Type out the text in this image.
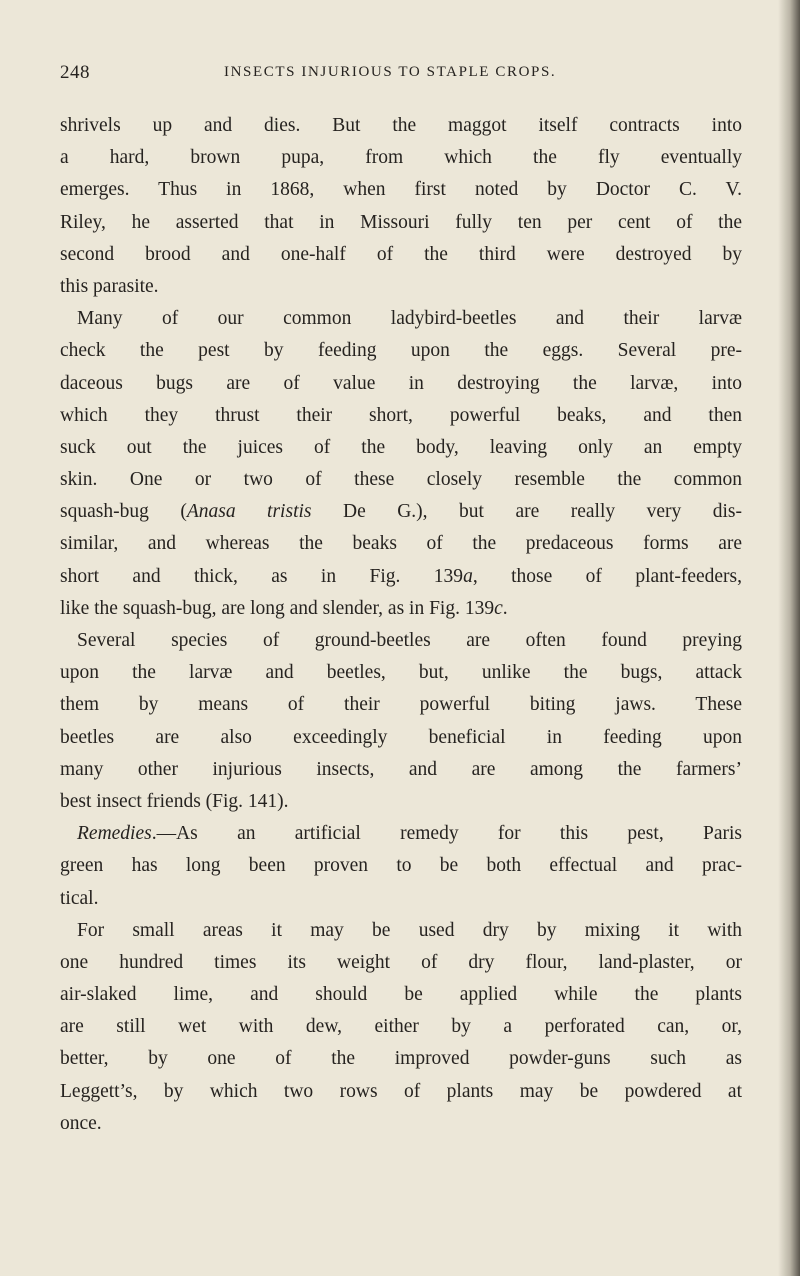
248	INSECTS INJURIOUS TO STAPLE CROPS.
shrivels up and dies. But the maggot itself contracts into
a hard, brown pupa, from which the fly eventually
emerges. Thus in 1868, when first noted by Doctor C. V.
Riley, he asserted that in Missouri fully ten per cent of the
second brood and one-half of the third were destroyed by
this parasite.
Many of our common ladybird-beetles and their larvæ
check the pest by feeding upon the eggs. Several pre-
daceous bugs are of value in destroying the larvæ, into
which they thrust their short, powerful beaks, and then
suck out the juices of the body, leaving only an empty
skin. One or two of these closely resemble the common
squash-bug (Anasa tristis De G.), but are really very dis-
similar, and whereas the beaks of the predaceous forms are
short and thick, as in Fig. 139a, those of plant-feeders,
like the squash-bug, are long and slender, as in Fig. 139c.
Several species of ground-beetles are often found preying
upon the larvæ and beetles, but, unlike the bugs, attack
them by means of their powerful biting jaws. These
beetles are also exceedingly beneficial in feeding upon
many other injurious insects, and are among the farmers’
best insect friends (Fig. 141).
Remedies.—As an artificial remedy for this pest, Paris
green has long been proven to be both effectual and prac-
tical.
For small areas it may be used dry by mixing it with
one hundred times its weight of dry flour, land-plaster, or
air-slaked lime, and should be applied while the plants
are still wet with dew, either by a perforated can, or,
better, by one of the improved powder-guns such as
Leggett’s, by which two rows of plants may be powdered at
once.
